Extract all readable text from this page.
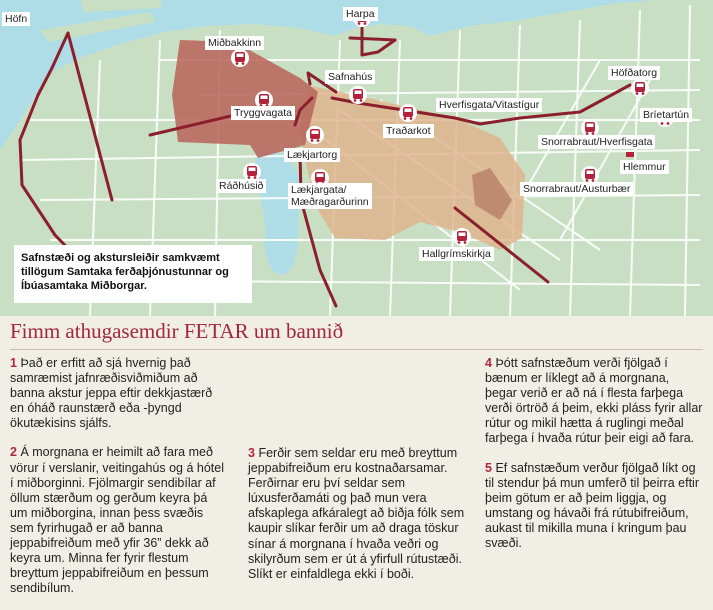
Höfn	Harpa
Miðbakkinn
Safnahús	Höfðatorg
Tryggvagata
Hverfisgata/Vitastígur
Bríetartún
Traðarkot
Snorrabraut/Hverfisgata
Lækjartorg
Hlemmur
Ráðhúsið	Lækjargata/
Mæðragarðurinn
Snorrabraut/Austurbær
Hallgrímskirkja
Safnstæði og akstursleiðir samkvæmt tillögum Samtaka ferðaþjónustunnar og Íbúasamtaka Miðborgar.
Fimm athugasemdir FETAR um bannið

1 Það er erfitt að sjá hvernig það samræmist jafnræðisviðmiðum að banna akstur jeppa eftir dekkjastærð en óháð raunstærð eða -þyngd ökutækisins sjálfs.

2 Á morgnana er heimilt að fara með vörur í verslanir, veitingahús og á hótel í miðborginni. Fjölmargir sendibílar af öllum stærðum og gerðum keyra þá um miðborgina, innan þess svæðis sem fyrirhugað er að banna jeppabifreiðum með yfir 36” dekk að keyra um. Minna fer fyrir flestum breyttum jeppabifreiðum en þessum sendibílum.

3 Ferðir sem seldar eru með breyttum jeppabifreiðum eru kostnaðarsamar. Ferðirnar eru því seldar sem lúxusferðamáti og það mun vera afskaplega afkáralegt að biðja fólk sem kaupir slíkar ferðir um að draga töskur sínar á morgnana í hvaða veðri og skilyrðum sem er út á yfirfull rútustæði. Slíkt er einfaldlega ekki í boði.

4 Þótt safnstæðum verði fjölgað í bænum er líklegt að á morgnana, þegar verið er að ná í flesta farþega verði örtröð á þeim, ekki pláss fyrir allar rútur og mikil hætta á ruglingi meðal farþega í hvaða rútur þeir eigi að fara.

5 Ef safnstæðum verður fjölgað líkt og til stendur þá mun umferð til þeirra eftir þeim götum er að þeim liggja, og umstang og hávaði frá rútubifreiðum, aukast til mikilla muna í kringum þau svæði.
